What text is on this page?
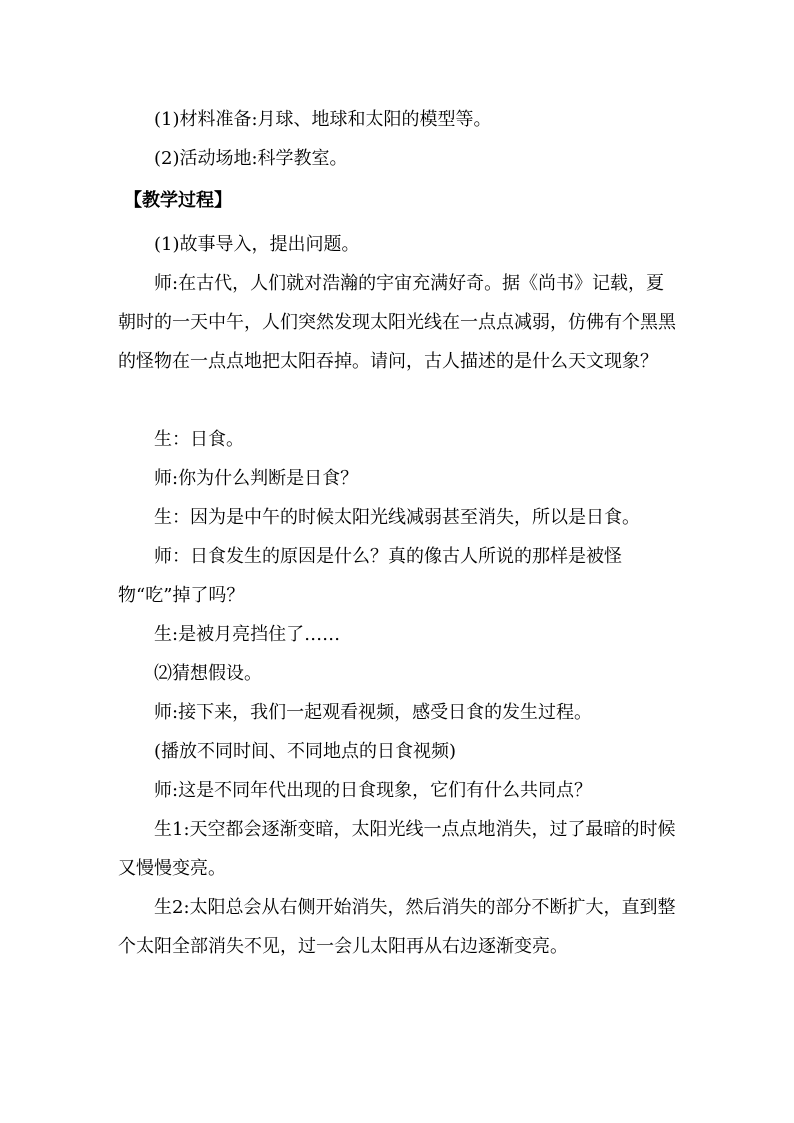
(1)材料准备:月球、地球和太阳的模型等。

(2)活动场地:科学教室。

【教学过程】

(1)故事导入，提出问题。

师:在古代，人们就对浩瀚的宇宙充满好奇。据《尚书》记载，夏朝时的一天中午，人们突然发现太阳光线在一点点减弱，仿佛有个黑黑的怪物在一点点地把太阳吞掉。请问，古人描述的是什么天文现象？

生：日食。

师:你为什么判断是日食？

生：因为是中午的时候太阳光线减弱甚至消失，所以是日食。

师：日食发生的原因是什么？真的像古人所说的那样是被怪物“吃”掉了吗？

生:是被月亮挡住了……

⑵猜想假设。

师:接下来，我们一起观看视频，感受日食的发生过程。

(播放不同时间、不同地点的日食视频)

师:这是不同年代出现的日食现象，它们有什么共同点？

生1:天空都会逐渐变暗，太阳光线一点点地消失，过了最暗的时候又慢慢变亮。

生2:太阳总会从右侧开始消失，然后消失的部分不断扩大，直到整个太阳全部消失不见，过一会儿太阳再从右边逐渐变亮。
